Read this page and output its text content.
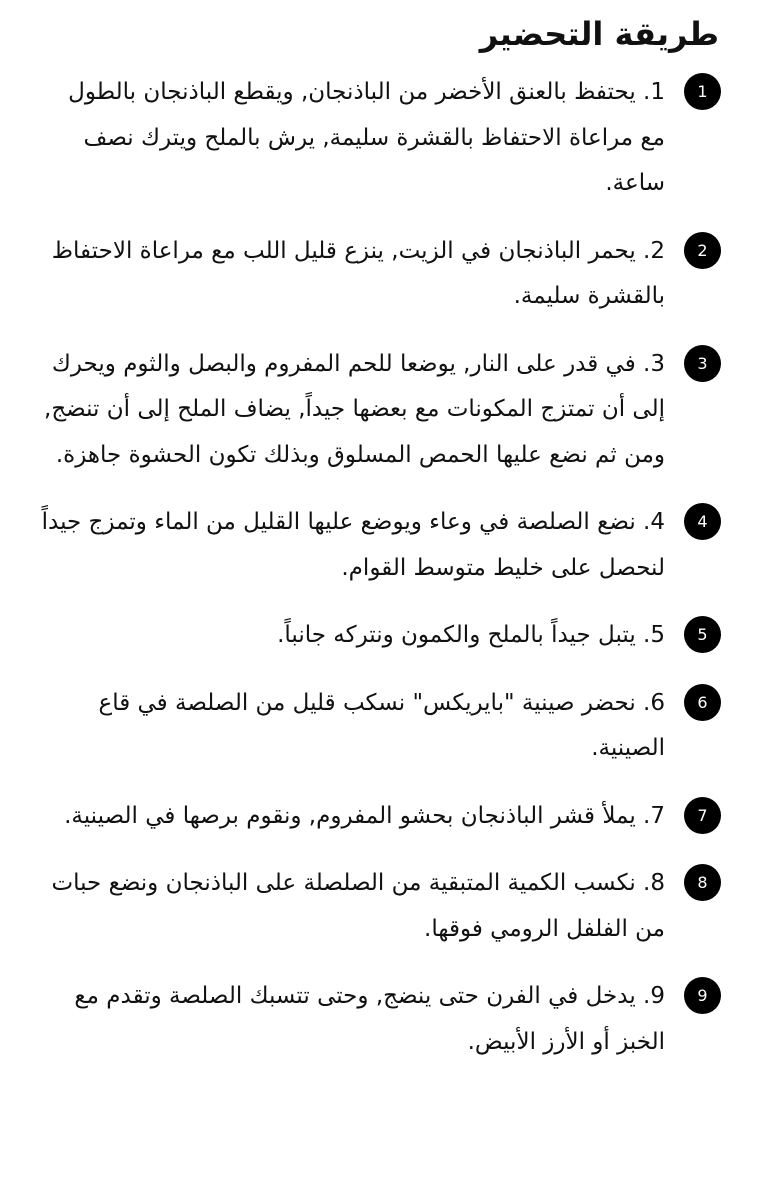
طريقة التحضير
1
1. يحتفظ بالعنق الأخضر من الباذنجان, ويقطع الباذنجان بالطول مع مراعاة الاحتفاظ بالقشرة سليمة, يرش بالملح ويترك نصف ساعة.
2
2. يحمر الباذنجان في الزيت, ينزع قليل اللب مع مراعاة الاحتفاظ بالقشرة سليمة.
3
3. في قدر على النار, يوضعا للحم المفروم والبصل والثوم ويحرك إلى أن تمتزج المكونات مع بعضها جيداً, يضاف الملح إلى أن تنضج, ومن ثم نضع عليها الحمص المسلوق وبذلك تكون الحشوة جاهزة.
4
4. نضع الصلصة في وعاء ويوضع عليها القليل من الماء وتمزج جيداً لنحصل على خليط متوسط القوام.
5
5. يتبل جيداً بالملح والكمون ونتركه جانباً.
6
6. نحضر صينية "بايريكس" نسكب قليل من الصلصة في قاع الصينية.
7
7. يملأ قشر الباذنجان بحشو المفروم, ونقوم برصها في الصينية.
8
8. نكسب الكمية المتبقية من الصلصلة على الباذنجان ونضع حبات من الفلفل الرومي فوقها.
9
9. يدخل في الفرن حتى ينضج, وحتى تتسبك الصلصة وتقدم مع الخبز أو الأرز الأبيض.
